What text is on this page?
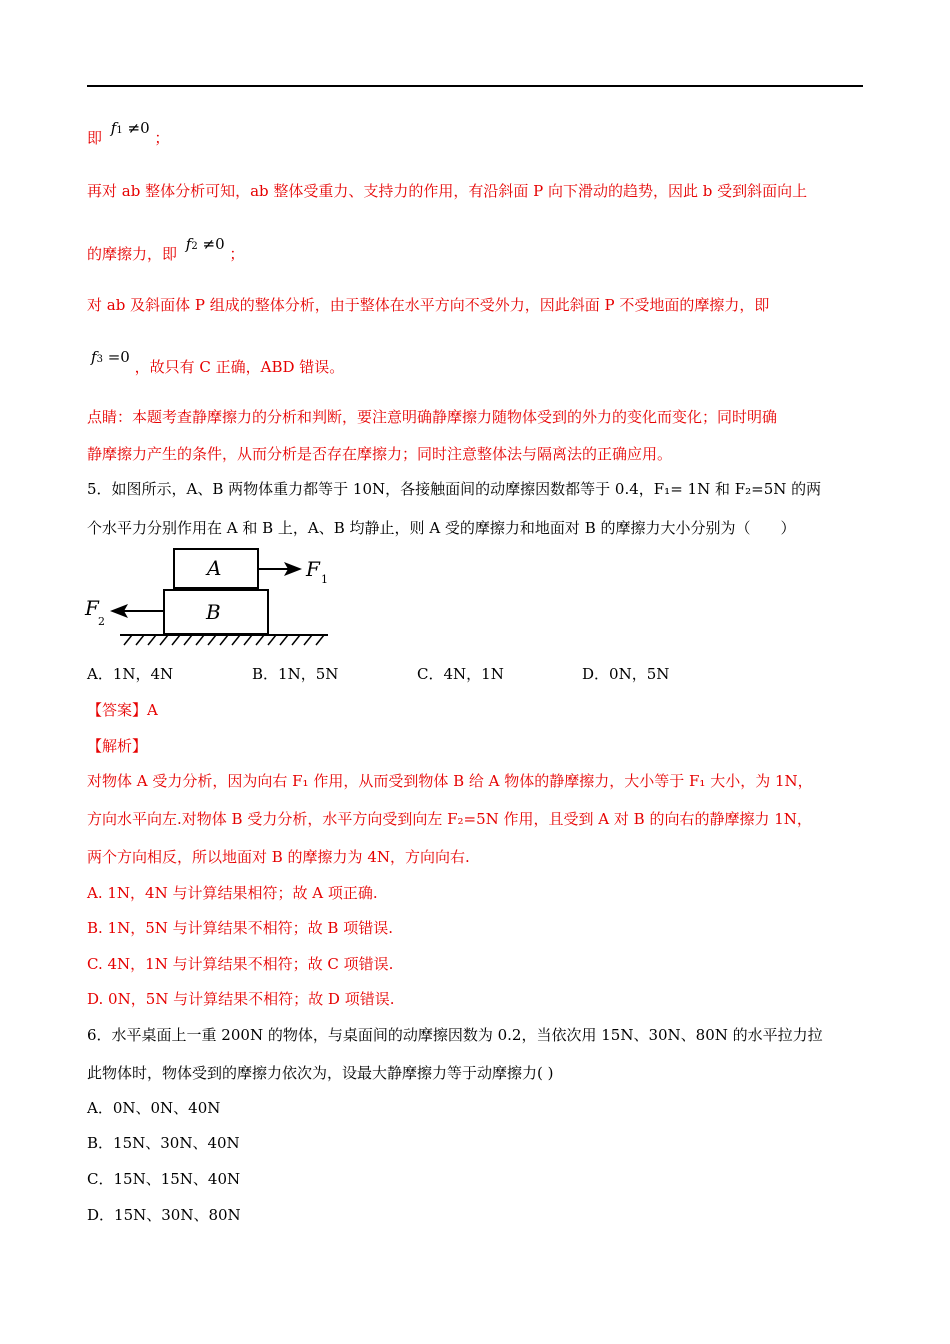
即 f1 ≠0 ；
再对 ab 整体分析可知，ab 整体受重力、支持力的作用，有沿斜面 P 向下滑动的趋势，因此 b 受到斜面向上
的摩擦力，即 f2 ≠0 ；
对 ab 及斜面体 P 组成的整体分析，由于整体在水平方向不受外力，因此斜面 P 不受地面的摩擦力，即
f3 =0 ，故只有 C 正确，ABD 错误。
点睛：本题考查静摩擦力的分析和判断，要注意明确静摩擦力随物体受到的外力的变化而变化；同时明确
静摩擦力产生的条件，从而分析是否存在摩擦力；同时注意整体法与隔离法的正确应用。
5．如图所示，A、B 两物体重力都等于 10N，各接触面间的动摩擦因数都等于 0.4，F₁= 1N 和 F₂=5N 的两
个水平力分别作用在 A 和 B 上，A、B 均静止，则 A 受的摩擦力和地面对 B 的摩擦力大小分别为（　　）
A
B
F 1
F
2
A．1N，4N	B．1N，5N	C．4N，1N	D．0N，5N
【答案】A
【解析】
对物体 A 受力分析，因为向右 F₁ 作用，从而受到物体 B 给 A 物体的静摩擦力，大小等于 F₁ 大小，为 1N，
方向水平向左.对物体 B 受力分析，水平方向受到向左 F₂=5N 作用，且受到 A 对 B 的向右的静摩擦力 1N，
两个方向相反，所以地面对 B 的摩擦力为 4N，方向向右.
A. 1N，4N 与计算结果相符；故 A 项正确.
B. 1N，5N 与计算结果不相符；故 B 项错误.
C. 4N，1N 与计算结果不相符；故 C 项错误.
D. 0N，5N 与计算结果不相符；故 D 项错误.
6．水平桌面上一重 200N 的物体，与桌面间的动摩擦因数为 0.2，当依次用 15N、30N、80N 的水平拉力拉
此物体时，物体受到的摩擦力依次为，设最大静摩擦力等于动摩擦力( )
A．0N、0N、40N
B．15N、30N、40N
C．15N、15N、40N
D．15N、30N、80N
